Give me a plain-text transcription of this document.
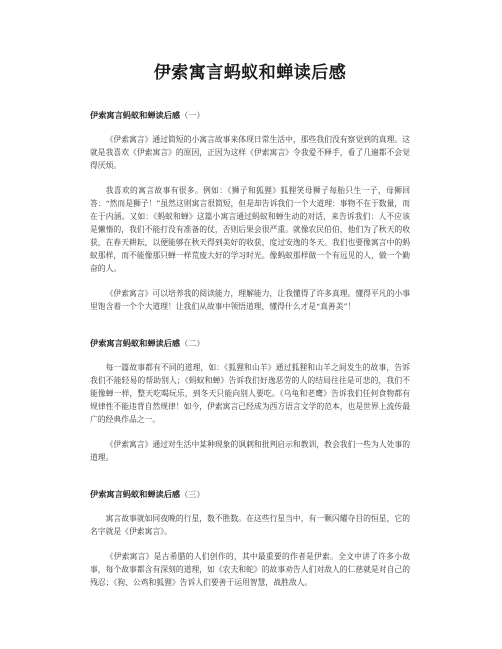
伊索寓言蚂蚁和蝉读后感
伊索寓言蚂蚁和蝉读后感（一）

《伊索寓言》通过简短的小寓言故事来体现日常生活中，那些我们没有察觉到的真理。这就是我喜欢《伊索寓言》的原因，正因为这样《伊索寓言》令我爱不释手，看了几遍都不会觉得厌烦。

我喜欢的寓言故事有很多。例如：《狮子和狐狸》狐狸笑母狮子每胎只生一子，母狮回答：“然而是狮子！”虽然这则寓言很简短，但是却告诉我们一个大道理：事物不在于数量，而在于内涵。又如：《蚂蚁和蝉》这篇小寓言通过蚂蚁和蝉生动的对话，来告诉我们：人不应该是懒惰的，我们不能打没有准备的仗，否则后果会很严重。就像农民伯伯，他们为了秋天的收获，在春天耕耘，以便能够在秋天得到美好的收获，度过安逸的冬天。我们也要像寓言中的蚂蚁那样，而不能像那只蝉一样荒废大好的学习时光。像蚂蚁那样做一个有远见的人，做一个勤奋的人。

《伊索寓言》可以培养我的阅读能力，理解能力，让我懂得了许多真理。懂得平凡的小事里饱含着一个个大道理！让我们从故事中领悟道理，懂得什么才是“真善美”！

伊索寓言蚂蚁和蝉读后感（二）

每一篇故事都有不同的道理，如：《狐狸和山羊》通过狐狸和山羊之间发生的故事，告诉我们不能轻易的帮助别人；《蚂蚁和蝉》告诉我们好逸恶劳的人的结局往往是可悲的，我们不能像蝉一样，整天吃喝玩乐，到冬天只能向别人要吃。《乌龟和老鹰》告诉我们任何食物都有规律性不能违背自然规律！如今，伊索寓言已经成为西方语言文学的范本，也是世界上流传最广的经典作品之一。

《伊索寓言》通过对生活中某种现象的讽刺和批判启示和教训，教会我们一些为人处事的道理。

伊索寓言蚂蚁和蝉读后感（三）

寓言故事就如同夜晚的行星，数不胜数。在这些行星当中，有一颗闪耀夺目的恒星，它的名字就是《伊索寓言》。

《伊索寓言》是古希腊的人们创作的，其中最重要的作者是伊索。全文中讲了许多小故事，每个故事都含有深刻的道理，如《农夫和蛇》的故事劝告人们对敌人的仁慈就是对自己的残忍；《狗、公鸡和狐狸》告诉人们要善于运用智慧，战胜敌人。
